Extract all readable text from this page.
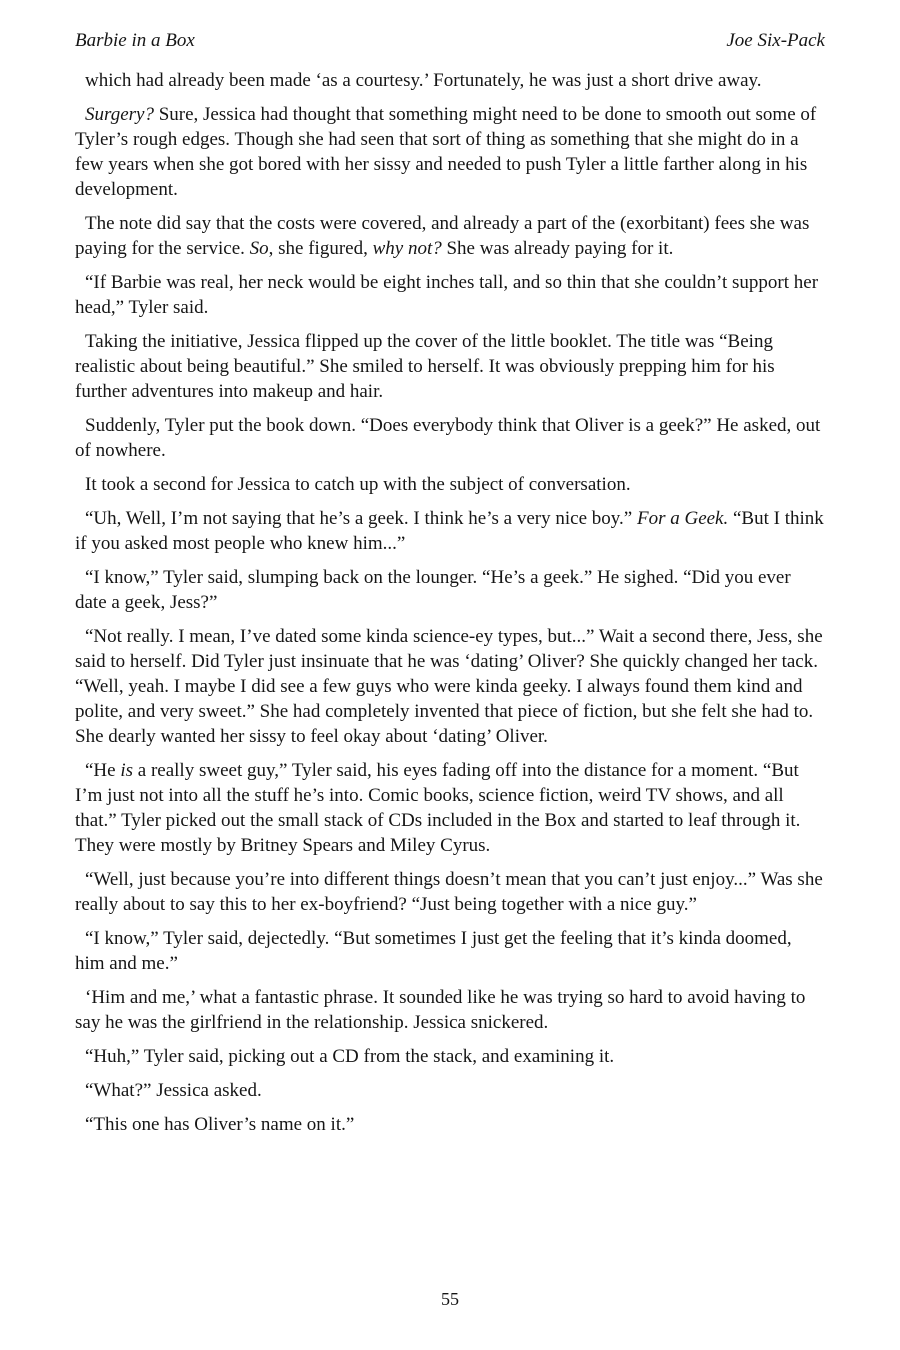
Barbie in a Box	Joe Six-Pack

which had already been made ‘as a courtesy.’ Fortunately, he was just a short drive away.

Surgery? Sure, Jessica had thought that something might need to be done to smooth out some of Tyler’s rough edges. Though she had seen that sort of thing as something that she might do in a few years when she got bored with her sissy and needed to push Tyler a little farther along in his development.

The note did say that the costs were covered, and already a part of the (exorbitant) fees she was paying for the service. So, she figured, why not? She was already paying for it.

“If Barbie was real, her neck would be eight inches tall, and so thin that she couldn’t support her head,” Tyler said.

Taking the initiative, Jessica flipped up the cover of the little booklet. The title was “Being realistic about being beautiful.” She smiled to herself. It was obviously prepping him for his further adventures into makeup and hair.

Suddenly, Tyler put the book down. “Does everybody think that Oliver is a geek?” He asked, out of nowhere.

It took a second for Jessica to catch up with the subject of conversation.

“Uh, Well, I’m not saying that he’s a geek. I think he’s a very nice boy.” For a Geek. “But I think if you asked most people who knew him...”

“I know,” Tyler said, slumping back on the lounger. “He’s a geek.” He sighed. “Did you ever date a geek, Jess?”

“Not really. I mean, I’ve dated some kinda science-ey types, but...” Wait a second there, Jess, she said to herself. Did Tyler just insinuate that he was ‘dating’ Oliver? She quickly changed her tack. “Well, yeah. I maybe I did see a few guys who were kinda geeky. I always found them kind and polite, and very sweet.” She had completely invented that piece of fiction, but she felt she had to. She dearly wanted her sissy to feel okay about ‘dating’ Oliver.

“He is a really sweet guy,” Tyler said, his eyes fading off into the distance for a moment. “But I’m just not into all the stuff he’s into. Comic books, science fiction, weird TV shows, and all that.” Tyler picked out the small stack of CDs included in the Box and started to leaf through it. They were mostly by Britney Spears and Miley Cyrus.

“Well, just because you’re into different things doesn’t mean that you can’t just enjoy...” Was she really about to say this to her ex-boyfriend? “Just being together with a nice guy.”

“I know,” Tyler said, dejectedly. “But sometimes I just get the feeling that it’s kinda doomed, him and me.”

‘Him and me,’ what a fantastic phrase. It sounded like he was trying so hard to avoid having to say he was the girlfriend in the relationship. Jessica snickered.

“Huh,” Tyler said, picking out a CD from the stack, and examining it.

“What?” Jessica asked.

“This one has Oliver’s name on it.”

55
